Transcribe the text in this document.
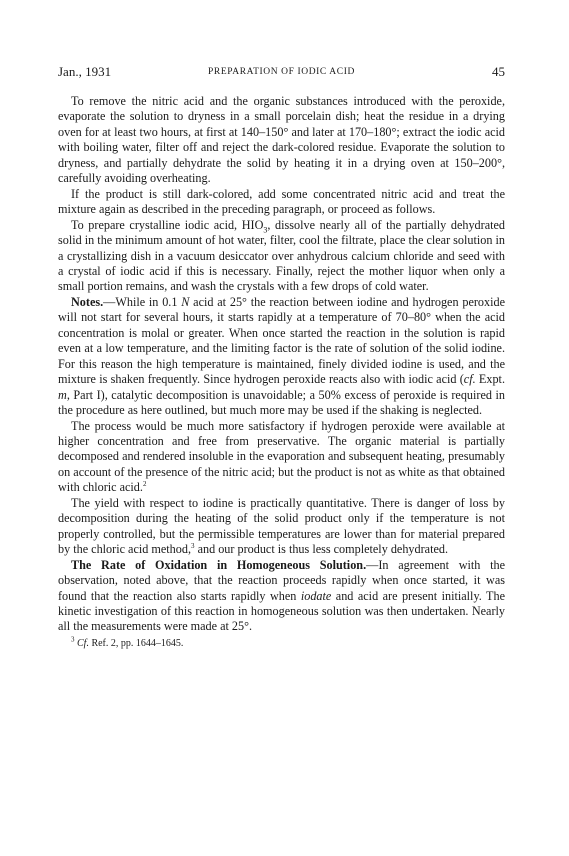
Jan., 1931	PREPARATION OF IODIC ACID	45

To remove the nitric acid and the organic substances introduced with the peroxide, evaporate the solution to dryness in a small porcelain dish; heat the residue in a drying oven for at least two hours, at first at 140–150° and later at 170–180°; extract the iodic acid with boiling water, filter off and reject the dark-colored residue. Evaporate the solution to dryness, and partially dehydrate the solid by heating it in a drying oven at 150–200°, carefully avoiding overheating.

If the product is still dark-colored, add some concentrated nitric acid and treat the mixture again as described in the preceding paragraph, or proceed as follows.

To prepare crystalline iodic acid, $HIO_3$, dissolve nearly all of the partially dehydrated solid in the minimum amount of hot water, filter, cool the filtrate, place the clear solution in a crystallizing dish in a vacuum desiccator over anhydrous calcium chloride and seed with a crystal of iodic acid if this is necessary. Finally, reject the mother liquor when only a small portion remains, and wash the crystals with a few drops of cold water.

Notes.—While in 0.1 N acid at 25° the reaction between iodine and hydrogen peroxide will not start for several hours, it starts rapidly at a temperature of 70–80° when the acid concentration is molal or greater. When once started the reaction in the solution is rapid even at a low temperature, and the limiting factor is the rate of solution of the solid iodine. For this reason the high temperature is maintained, finely divided iodine is used, and the mixture is shaken frequently. Since hydrogen peroxide reacts also with iodic acid (cf. Expt. m, Part I), catalytic decomposition is unavoidable; a 50% excess of peroxide is required in the procedure as here outlined, but much more may be used if the shaking is neglected.

The process would be much more satisfactory if hydrogen peroxide were available at higher concentration and free from preservative. The organic material is partially decomposed and rendered insoluble in the evaporation and subsequent heating, presumably on account of the presence of the nitric acid; but the product is not as white as that obtained with chloric acid.$^2$

The yield with respect to iodine is practically quantitative. There is danger of loss by decomposition during the heating of the solid product only if the temperature is not properly controlled, but the permissible temperatures are lower than for material prepared by the chloric acid method,$^3$ and our product is thus less completely dehydrated.

The Rate of Oxidation in Homogeneous Solution.—In agreement with the observation, noted above, that the reaction proceeds rapidly when once started, it was found that the reaction also starts rapidly when iodate and acid are present initially. The kinetic investigation of this reaction in homogeneous solution was then undertaken. Nearly all the measurements were made at 25°.

$^3$ Cf. Ref. 2, pp. 1644–1645.
